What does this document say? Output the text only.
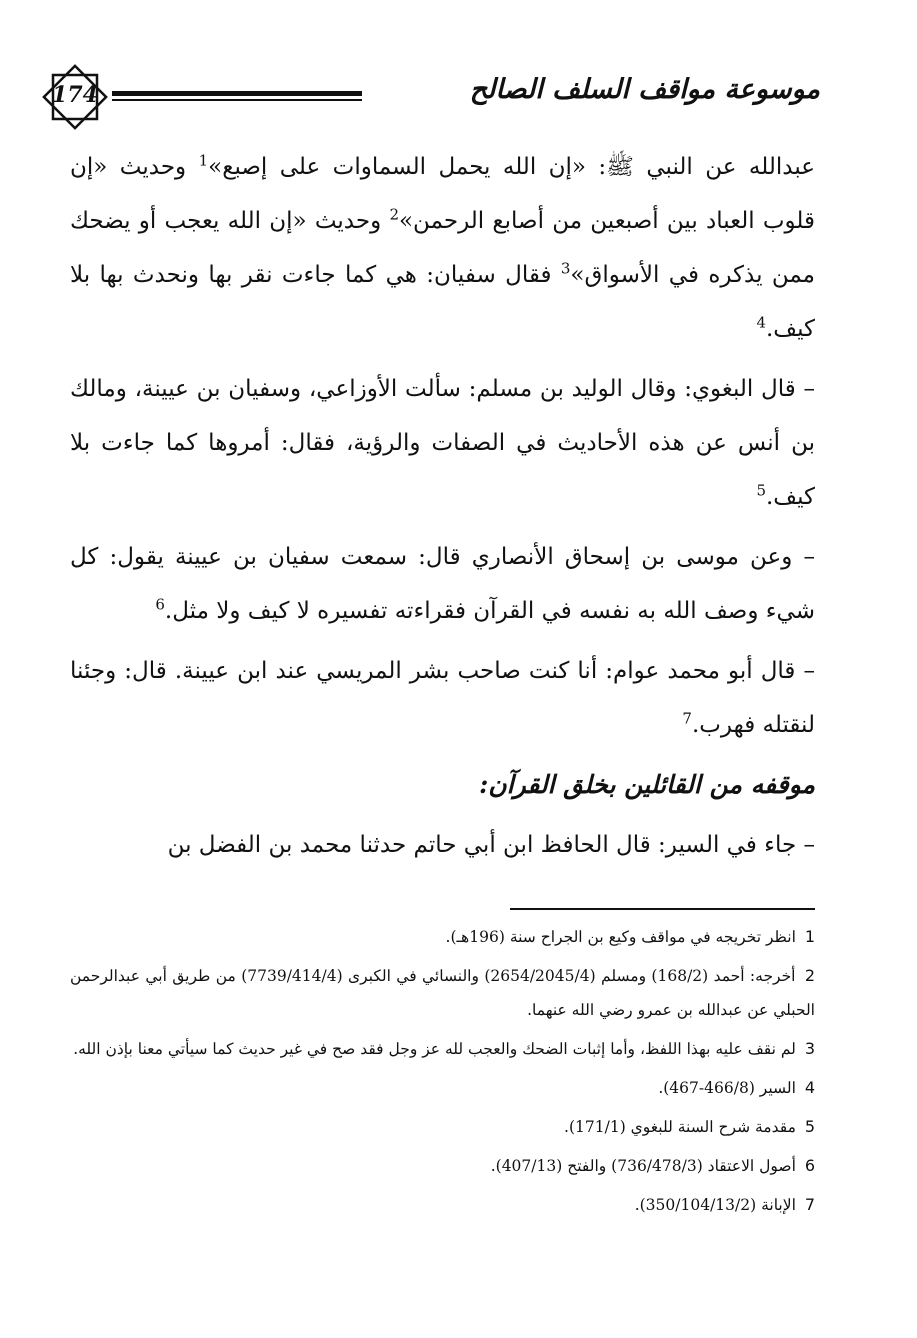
174	موسوعة مواقف السلف الصالح

عبدالله عن النبي ﷺ: «إن الله يحمل السماوات على إصبع»$^1$ وحديث «إن قلوب العباد بين أصبعين من أصابع الرحمن»$^2$ وحديث «إن الله يعجب أو يضحك ممن يذكره في الأسواق»$^3$ فقال سفيان: هي كما جاءت نقر بها ونحدث بها بلا كيف.$^4$

– قال البغوي: وقال الوليد بن مسلم: سألت الأوزاعي، وسفيان بن عيينة، ومالك بن أنس عن هذه الأحاديث في الصفات والرؤية، فقال: أمروها كما جاءت بلا كيف.$^5$

– وعن موسى بن إسحاق الأنصاري قال: سمعت سفيان بن عيينة يقول: كل شيء وصف الله به نفسه في القرآن فقراءته تفسيره لا كيف ولا مثل.$^6$

– قال أبو محمد عوام: أنا كنت صاحب بشر المريسي عند ابن عيينة. قال: وجئنا لنقتله فهرب.$^7$

موقفه من القائلين بخلق القرآن:

– جاء في السير: قال الحافظ ابن أبي حاتم حدثنا محمد بن الفضل بن

1 انظر تخريجه في مواقف وكيع بن الجراح سنة (196هـ).

2 أخرجه: أحمد (168/2) ومسلم (2654/2045/4) والنسائي في الكبرى (7739/414/4) من طريق أبي عبدالرحمن الحبلي عن عبدالله بن عمرو رضي الله عنهما.

3 لم نقف عليه بهذا اللفظ، وأما إثبات الضحك والعجب لله عز وجل فقد صح في غير حديث كما سيأتي معنا بإذن الله.

4 السير (466/8-467).

5 مقدمة شرح السنة للبغوي (171/1).

6 أصول الاعتقاد (736/478/3) والفتح (407/13).

7 الإبانة (350/104/13/2).
